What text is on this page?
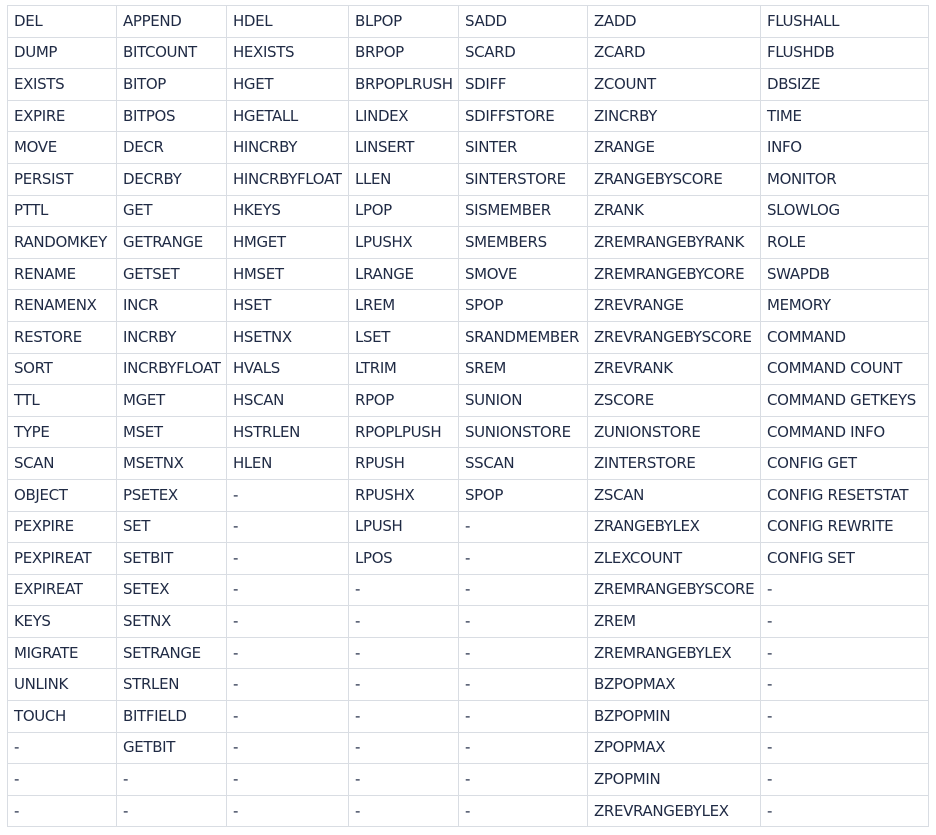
DEL	APPEND	HDEL	BLPOP	SADD	ZADD	FLUSHALL
DUMP	BITCOUNT	HEXISTS	BRPOP	SCARD	ZCARD	FLUSHDB
EXISTS	BITOP	HGET	BRPOPLRUSH	SDIFF	ZCOUNT	DBSIZE
EXPIRE	BITPOS	HGETALL	LINDEX	SDIFFSTORE	ZINCRBY	TIME
MOVE	DECR	HINCRBY	LINSERT	SINTER	ZRANGE	INFO
PERSIST	DECRBY	HINCRBYFLOAT	LLEN	SINTERSTORE	ZRANGEBYSCORE	MONITOR
PTTL	GET	HKEYS	LPOP	SISMEMBER	ZRANK	SLOWLOG
RANDOMKEY	GETRANGE	HMGET	LPUSHX	SMEMBERS	ZREMRANGEBYRANK	ROLE
RENAME	GETSET	HMSET	LRANGE	SMOVE	ZREMRANGEBYCORE	SWAPDB
RENAMENX	INCR	HSET	LREM	SPOP	ZREVRANGE	MEMORY
RESTORE	INCRBY	HSETNX	LSET	SRANDMEMBER	ZREVRANGEBYSCORE	COMMAND
SORT	INCRBYFLOAT	HVALS	LTRIM	SREM	ZREVRANK	COMMAND COUNT
TTL	MGET	HSCAN	RPOP	SUNION	ZSCORE	COMMAND GETKEYS
TYPE	MSET	HSTRLEN	RPOPLPUSH	SUNIONSTORE	ZUNIONSTORE	COMMAND INFO
SCAN	MSETNX	HLEN	RPUSH	SSCAN	ZINTERSTORE	CONFIG GET
OBJECT	PSETEX	-	RPUSHX	SPOP	ZSCAN	CONFIG RESETSTAT
PEXPIRE	SET	-	LPUSH	-	ZRANGEBYLEX	CONFIG REWRITE
PEXPIREAT	SETBIT	-	LPOS	-	ZLEXCOUNT	CONFIG SET
EXPIREAT	SETEX	-	-	-	ZREMRANGEBYSCORE	-
KEYS	SETNX	-	-	-	ZREM	-
MIGRATE	SETRANGE	-	-	-	ZREMRANGEBYLEX	-
UNLINK	STRLEN	-	-	-	BZPOPMAX	-
TOUCH	BITFIELD	-	-	-	BZPOPMIN	-
-	GETBIT	-	-	-	ZPOPMAX	-
-	-	-	-	-	ZPOPMIN	-
-	-	-	-	-	ZREVRANGEBYLEX	-
